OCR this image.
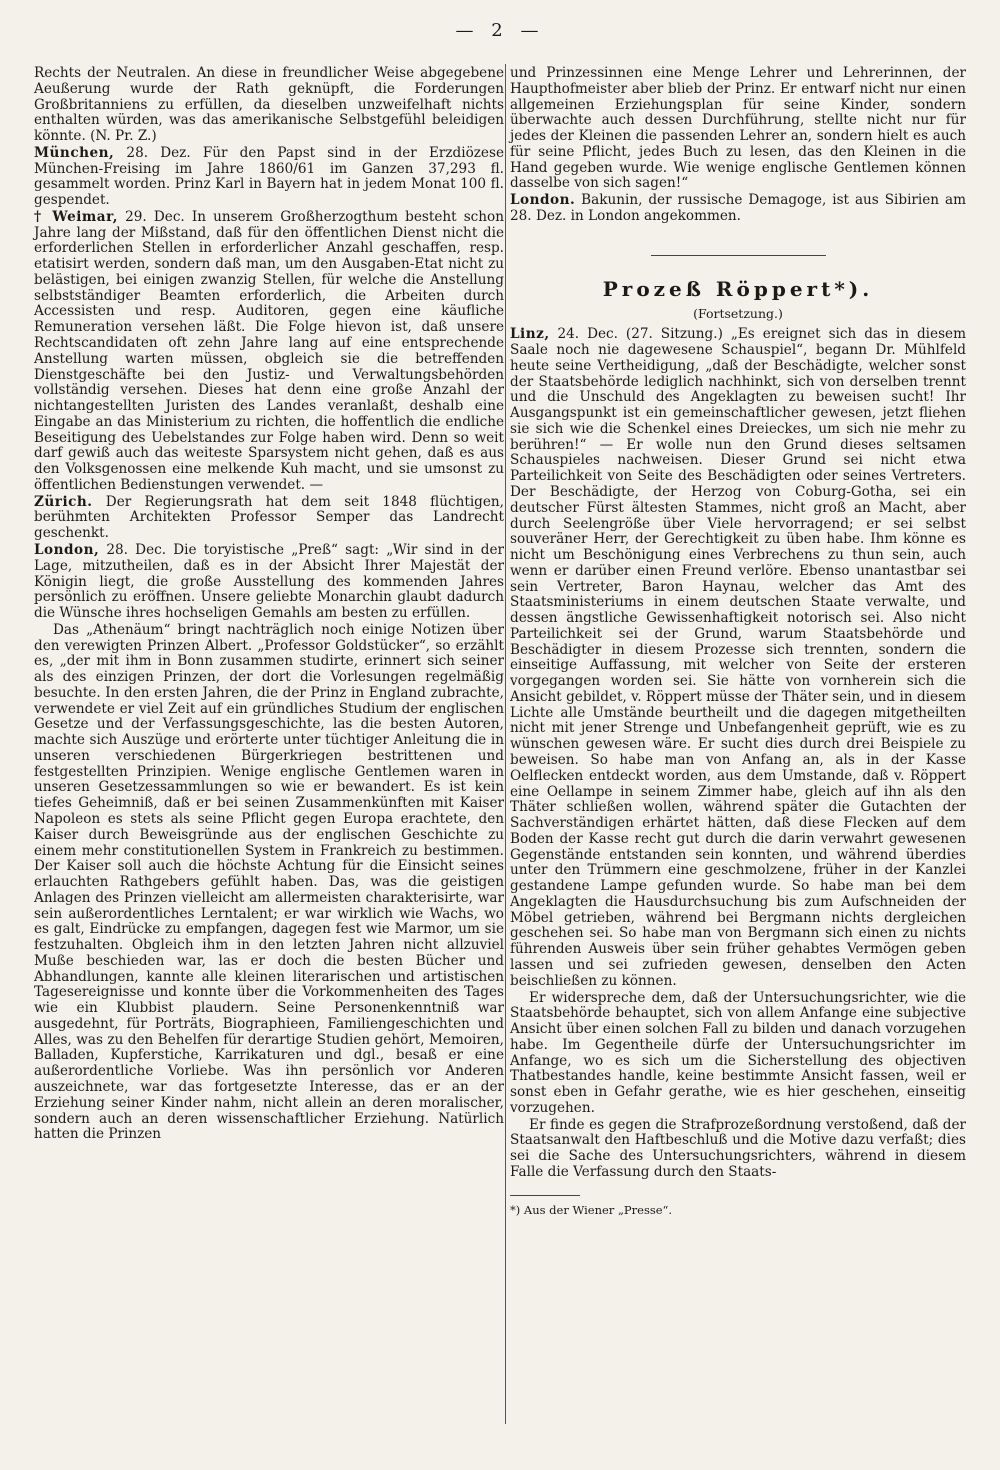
— 2 —

Rechts der Neutralen. An diese in freundlicher Weise abgegebene Aeußerung wurde der Rath geknüpft, die Forderungen Großbritanniens zu erfüllen, da dieselben unzweifelhaft nichts enthalten würden, was das amerikanische Selbstgefühl beleidigen könnte. (N. Pr. Z.)

München, 28. Dez. Für den Papst sind in der Erzdiözese München-Freising im Jahre 1860/61 im Ganzen 37,293 fl. gesammelt worden. Prinz Karl in Bayern hat in jedem Monat 100 fl. gespendet.

† Weimar, 29. Dec. In unserem Großherzogthum besteht schon Jahre lang der Mißstand, daß für den öffentlichen Dienst nicht die erforderlichen Stellen in erforderlicher Anzahl geschaffen, resp. etatisirt werden, sondern daß man, um den Ausgaben-Etat nicht zu belästigen, bei einigen zwanzig Stellen, für welche die Anstellung selbstständiger Beamten erforderlich, die Arbeiten durch Accessisten und resp. Auditoren, gegen eine käufliche Remuneration versehen läßt. Die Folge hievon ist, daß unsere Rechtscandidaten oft zehn Jahre lang auf eine entsprechende Anstellung warten müssen, obgleich sie die betreffenden Dienstgeschäfte bei den Justiz- und Verwaltungsbehörden vollständig versehen. Dieses hat denn eine große Anzahl der nichtangestellten Juristen des Landes veranlaßt, deshalb eine Eingabe an das Ministerium zu richten, die hoffentlich die endliche Beseitigung des Uebelstandes zur Folge haben wird. Denn so weit darf gewiß auch das weiteste Sparsystem nicht gehen, daß es aus den Volksgenossen eine melkende Kuh macht, und sie umsonst zu öffentlichen Bedienstungen verwendet. —

Zürich. Der Regierungsrath hat dem seit 1848 flüchtigen, berühmten Architekten Professor Semper das Landrecht geschenkt.

London, 28. Dec. Die toryistische „Preß“ sagt: „Wir sind in der Lage, mitzutheilen, daß es in der Absicht Ihrer Majestät der Königin liegt, die große Ausstellung des kommenden Jahres persönlich zu eröffnen. Unsere geliebte Monarchin glaubt dadurch die Wünsche ihres hochseligen Gemahls am besten zu erfüllen.

Das „Athenäum“ bringt nachträglich noch einige Notizen über den verewigten Prinzen Albert. „Professor Goldstücker“, so erzählt es, „der mit ihm in Bonn zusammen studirte, erinnert sich seiner als des einzigen Prinzen, der dort die Vorlesungen regelmäßig besuchte. In den ersten Jahren, die der Prinz in England zubrachte, verwendete er viel Zeit auf ein gründliches Studium der englischen Gesetze und der Verfassungsgeschichte, las die besten Autoren, machte sich Auszüge und erörterte unter tüchtiger Anleitung die in unseren verschiedenen Bürgerkriegen bestrittenen und festgestellten Prinzipien. Wenige englische Gentlemen waren in unseren Gesetzessammlungen so wie er bewandert. Es ist kein tiefes Geheimniß, daß er bei seinen Zusammenkünften mit Kaiser Napoleon es stets als seine Pflicht gegen Europa erachtete, den Kaiser durch Beweisgründe aus der englischen Geschichte zu einem mehr constitutionellen System in Frankreich zu bestimmen. Der Kaiser soll auch die höchste Achtung für die Einsicht seines erlauchten Rathgebers gefühlt haben. Das, was die geistigen Anlagen des Prinzen vielleicht am allermeisten charakterisirte, war sein außerordentliches Lerntalent; er war wirklich wie Wachs, wo es galt, Eindrücke zu empfangen, dagegen fest wie Marmor, um sie festzuhalten. Obgleich ihm in den letzten Jahren nicht allzuviel Muße beschieden war, las er doch die besten Bücher und Abhandlungen, kannte alle kleinen literarischen und artistischen Tagesereignisse und konnte über die Vorkommenheiten des Tages wie ein Klubbist plaudern. Seine Personenkenntniß war ausgedehnt, für Porträts, Biographieen, Familiengeschichten und Alles, was zu den Behelfen für derartige Studien gehört, Memoiren, Balladen, Kupferstiche, Karrikaturen und dgl., besaß er eine außerordentliche Vorliebe. Was ihn persönlich vor Anderen auszeichnete, war das fortgesetzte Interesse, das er an der Erziehung seiner Kinder nahm, nicht allein an deren moralischer, sondern auch an deren wissenschaftlicher Erziehung. Natürlich hatten die Prinzen

und Prinzessinnen eine Menge Lehrer und Lehrerinnen, der Haupthofmeister aber blieb der Prinz. Er entwarf nicht nur einen allgemeinen Erziehungsplan für seine Kinder, sondern überwachte auch dessen Durchführung, stellte nicht nur für jedes der Kleinen die passenden Lehrer an, sondern hielt es auch für seine Pflicht, jedes Buch zu lesen, das den Kleinen in die Hand gegeben wurde. Wie wenige englische Gentlemen können dasselbe von sich sagen!“

London. Bakunin, der russische Demagoge, ist aus Sibirien am 28. Dez. in London angekommen.

Prozeß Röppert*).
(Fortsetzung.)

Linz, 24. Dec. (27. Sitzung.) „Es ereignet sich das in diesem Saale noch nie dagewesene Schauspiel“, begann Dr. Mühlfeld heute seine Vertheidigung, „daß der Beschädigte, welcher sonst der Staatsbehörde lediglich nachhinkt, sich von derselben trennt und die Unschuld des Angeklagten zu beweisen sucht! Ihr Ausgangspunkt ist ein gemeinschaftlicher gewesen, jetzt fliehen sie sich wie die Schenkel eines Dreieckes, um sich nie mehr zu berühren!“ — Er wolle nun den Grund dieses seltsamen Schauspieles nachweisen. Dieser Grund sei nicht etwa Parteilichkeit von Seite des Beschädigten oder seines Vertreters. Der Beschädigte, der Herzog von Coburg-Gotha, sei ein deutscher Fürst ältesten Stammes, nicht groß an Macht, aber durch Seelengröße über Viele hervorragend; er sei selbst souveräner Herr, der Gerechtigkeit zu üben habe. Ihm könne es nicht um Beschönigung eines Verbrechens zu thun sein, auch wenn er darüber einen Freund verlöre. Ebenso unantastbar sei sein Vertreter, Baron Haynau, welcher das Amt des Staatsministeriums in einem deutschen Staate verwalte, und dessen ängstliche Gewissenhaftigkeit notorisch sei. Also nicht Parteilichkeit sei der Grund, warum Staatsbehörde und Beschädigter in diesem Prozesse sich trennten, sondern die einseitige Auffassung, mit welcher von Seite der ersteren vorgegangen worden sei. Sie hätte von vornherein sich die Ansicht gebildet, v. Röppert müsse der Thäter sein, und in diesem Lichte alle Umstände beurtheilt und die dagegen mitgetheilten nicht mit jener Strenge und Unbefangenheit geprüft, wie es zu wünschen gewesen wäre. Er sucht dies durch drei Beispiele zu beweisen. So habe man von Anfang an, als in der Kasse Oelflecken entdeckt worden, aus dem Umstande, daß v. Röppert eine Oellampe in seinem Zimmer habe, gleich auf ihn als den Thäter schließen wollen, während später die Gutachten der Sachverständigen erhärtet hätten, daß diese Flecken auf dem Boden der Kasse recht gut durch die darin verwahrt gewesenen Gegenstände entstanden sein konnten, und während überdies unter den Trümmern eine geschmolzene, früher in der Kanzlei gestandene Lampe gefunden wurde. So habe man bei dem Angeklagten die Hausdurchsuchung bis zum Aufschneiden der Möbel getrieben, während bei Bergmann nichts dergleichen geschehen sei. So habe man von Bergmann sich einen zu nichts führenden Ausweis über sein früher gehabtes Vermögen geben lassen und sei zufrieden gewesen, denselben den Acten beischließen zu können.

Er widerspreche dem, daß der Untersuchungsrichter, wie die Staatsbehörde behauptet, sich von allem Anfange eine subjective Ansicht über einen solchen Fall zu bilden und danach vorzugehen habe. Im Gegentheile dürfe der Untersuchungsrichter im Anfange, wo es sich um die Sicherstellung des objectiven Thatbestandes handle, keine bestimmte Ansicht fassen, weil er sonst eben in Gefahr gerathe, wie es hier geschehen, einseitig vorzugehen.

Er finde es gegen die Strafprozeßordnung verstoßend, daß der Staatsanwalt den Haftbeschluß und die Motive dazu verfaßt; dies sei die Sache des Untersuchungsrichters, während in diesem Falle die Verfassung durch den Staats-

*) Aus der Wiener „Presse“.
